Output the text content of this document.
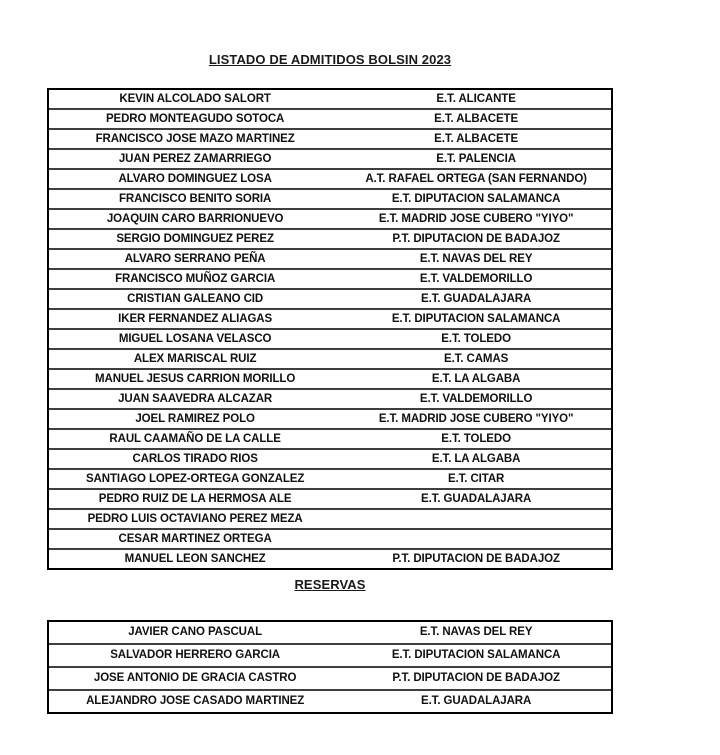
LISTADO DE ADMITIDOS BOLSIN 2023
KEVIN ALCOLADO SALORT	E.T. ALICANTE
PEDRO MONTEAGUDO SOTOCA	E.T. ALBACETE
FRANCISCO JOSE MAZO MARTINEZ	E.T. ALBACETE
JUAN PEREZ ZAMARRIEGO	E.T. PALENCIA
ALVARO DOMINGUEZ LOSA	A.T. RAFAEL ORTEGA (SAN FERNANDO)
FRANCISCO BENITO SORIA	E.T. DIPUTACION SALAMANCA
JOAQUIN CARO BARRIONUEVO	E.T. MADRID JOSE CUBERO "YIYO"
SERGIO DOMINGUEZ PEREZ	P.T. DIPUTACION DE BADAJOZ
ALVARO SERRANO PEÑA	E.T. NAVAS DEL REY
FRANCISCO MUÑOZ GARCIA	E.T. VALDEMORILLO
CRISTIAN GALEANO CID	E.T. GUADALAJARA
IKER FERNANDEZ ALIAGAS	E.T. DIPUTACION SALAMANCA
MIGUEL LOSANA VELASCO	E.T. TOLEDO
ALEX MARISCAL RUIZ	E.T. CAMAS
MANUEL JESUS CARRION MORILLO	E.T. LA ALGABA
JUAN SAAVEDRA ALCAZAR	E.T. VALDEMORILLO
JOEL RAMIREZ POLO	E.T. MADRID JOSE CUBERO "YIYO"
RAUL CAAMAÑO DE LA CALLE	E.T. TOLEDO
CARLOS TIRADO RIOS	E.T. LA ALGABA
SANTIAGO LOPEZ-ORTEGA GONZALEZ	E.T. CITAR
PEDRO RUIZ DE LA HERMOSA ALE	E.T. GUADALAJARA
PEDRO LUIS OCTAVIANO PEREZ MEZA
CESAR MARTINEZ ORTEGA
MANUEL LEON SANCHEZ	P.T. DIPUTACION DE BADAJOZ
RESERVAS
JAVIER CANO PASCUAL	E.T. NAVAS DEL REY
SALVADOR HERRERO GARCIA	E.T. DIPUTACION SALAMANCA
JOSE ANTONIO DE GRACIA CASTRO	P.T. DIPUTACION DE BADAJOZ
ALEJANDRO JOSE CASADO MARTINEZ	E.T. GUADALAJARA
